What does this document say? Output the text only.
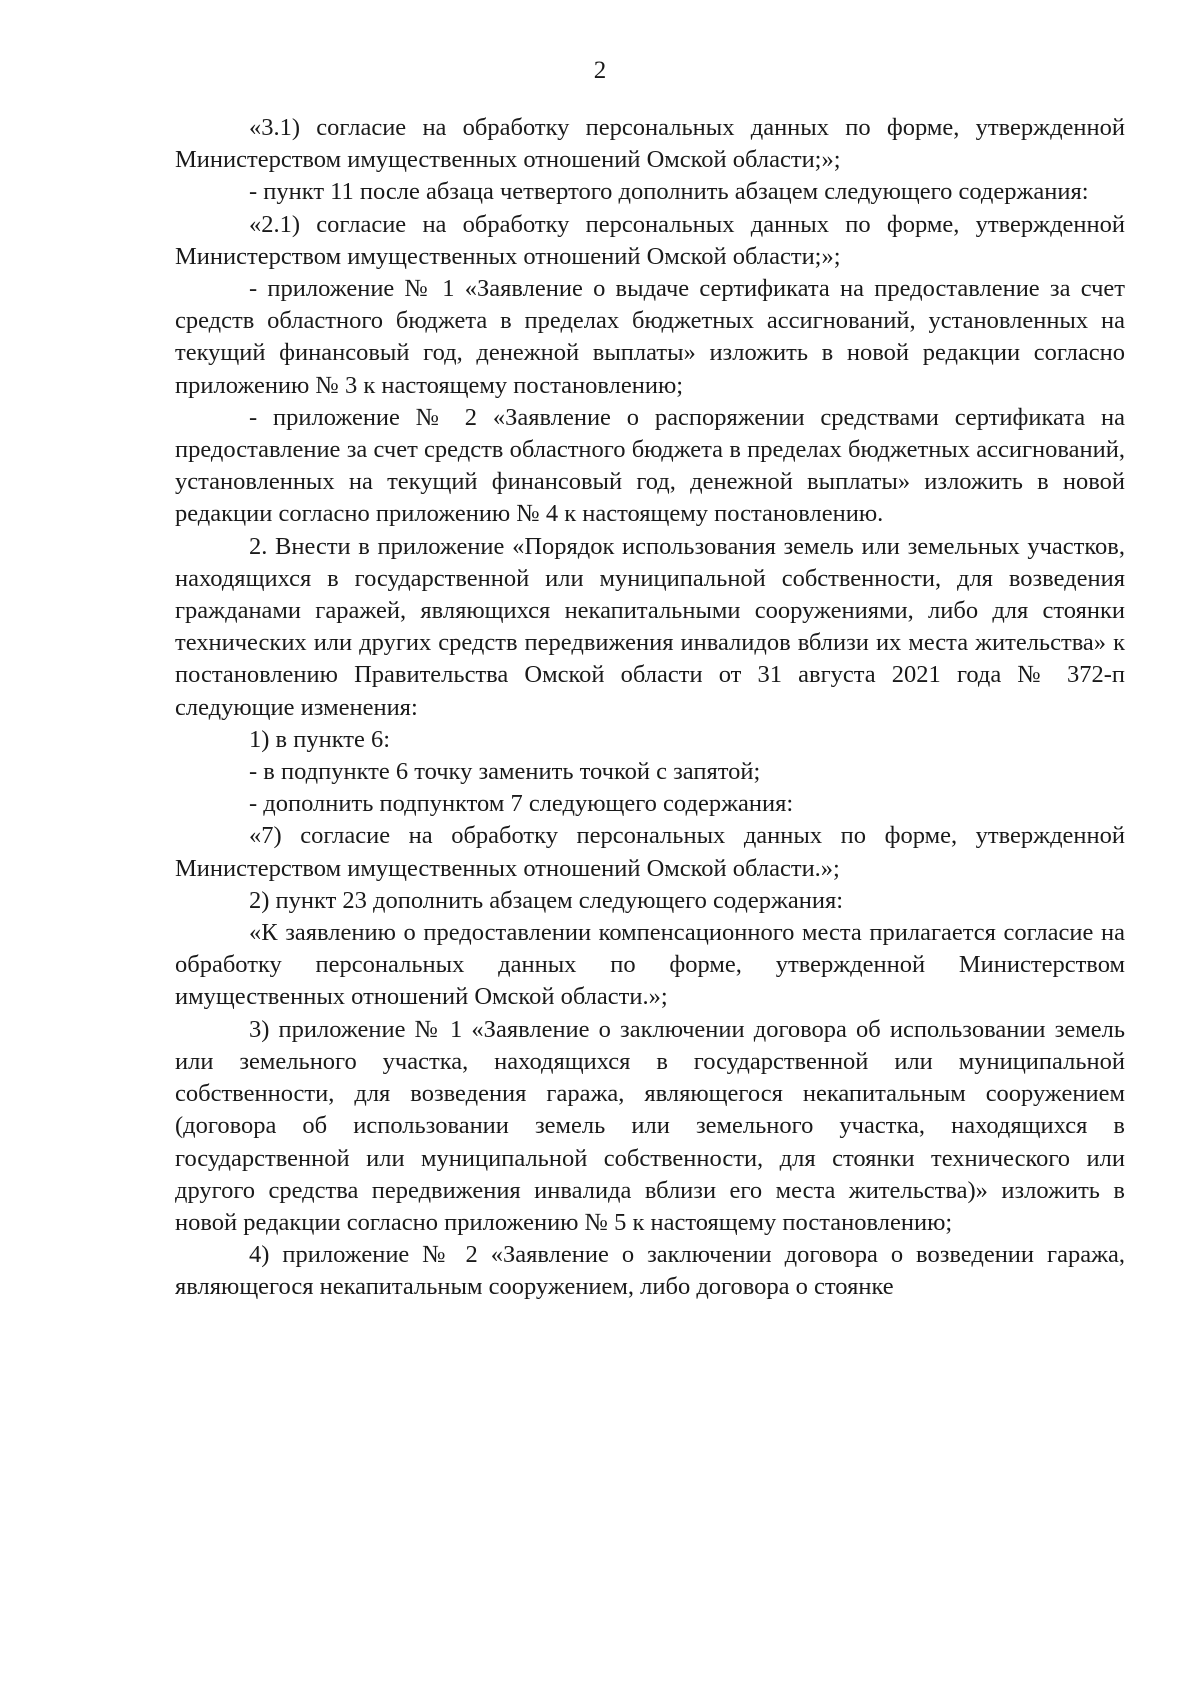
2

«3.1) согласие на обработку персональных данных по форме, утвержденной Министерством имущественных отношений Омской области;»;

- пункт 11 после абзаца четвертого дополнить абзацем следующего содержания:

«2.1) согласие на обработку персональных данных по форме, утвержденной Министерством имущественных отношений Омской области;»;

- приложение № 1 «Заявление о выдаче сертификата на предоставление за счет средств областного бюджета в пределах бюджетных ассигнований, установленных на текущий финансовый год, денежной выплаты» изложить в новой редакции согласно приложению № 3 к настоящему постановлению;

- приложение № 2 «Заявление о распоряжении средствами сертификата на предоставление за счет средств областного бюджета в пределах бюджетных ассигнований, установленных на текущий финансовый год, денежной выплаты» изложить в новой редакции согласно приложению № 4 к настоящему постановлению.

2. Внести в приложение «Порядок использования земель или земельных участков, находящихся в государственной или муниципальной собственности, для возведения гражданами гаражей, являющихся некапитальными сооружениями, либо для стоянки технических или других средств передвижения инвалидов вблизи их места жительства» к постановлению Правительства Омской области от 31 августа 2021 года № 372-п следующие изменения:

1) в пункте 6:

- в подпункте 6 точку заменить точкой с запятой;

- дополнить подпунктом 7 следующего содержания:

«7) согласие на обработку персональных данных по форме, утвержденной Министерством имущественных отношений Омской области.»;

2) пункт 23 дополнить абзацем следующего содержания:

«К заявлению о предоставлении компенсационного места прилагается согласие на обработку персональных данных по форме, утвержденной Министерством имущественных отношений Омской области.»;

3) приложение № 1 «Заявление о заключении договора об использовании земель или земельного участка, находящихся в государственной или муниципальной собственности, для возведения гаража, являющегося некапитальным сооружением (договора об использовании земель или земельного участка, находящихся в государственной или муниципальной собственности, для стоянки технического или другого средства передвижения инвалида вблизи его места жительства)» изложить в новой редакции согласно приложению № 5 к настоящему постановлению;

4) приложение № 2 «Заявление о заключении договора о возведении гаража, являющегося некапитальным сооружением, либо договора о стоянке
